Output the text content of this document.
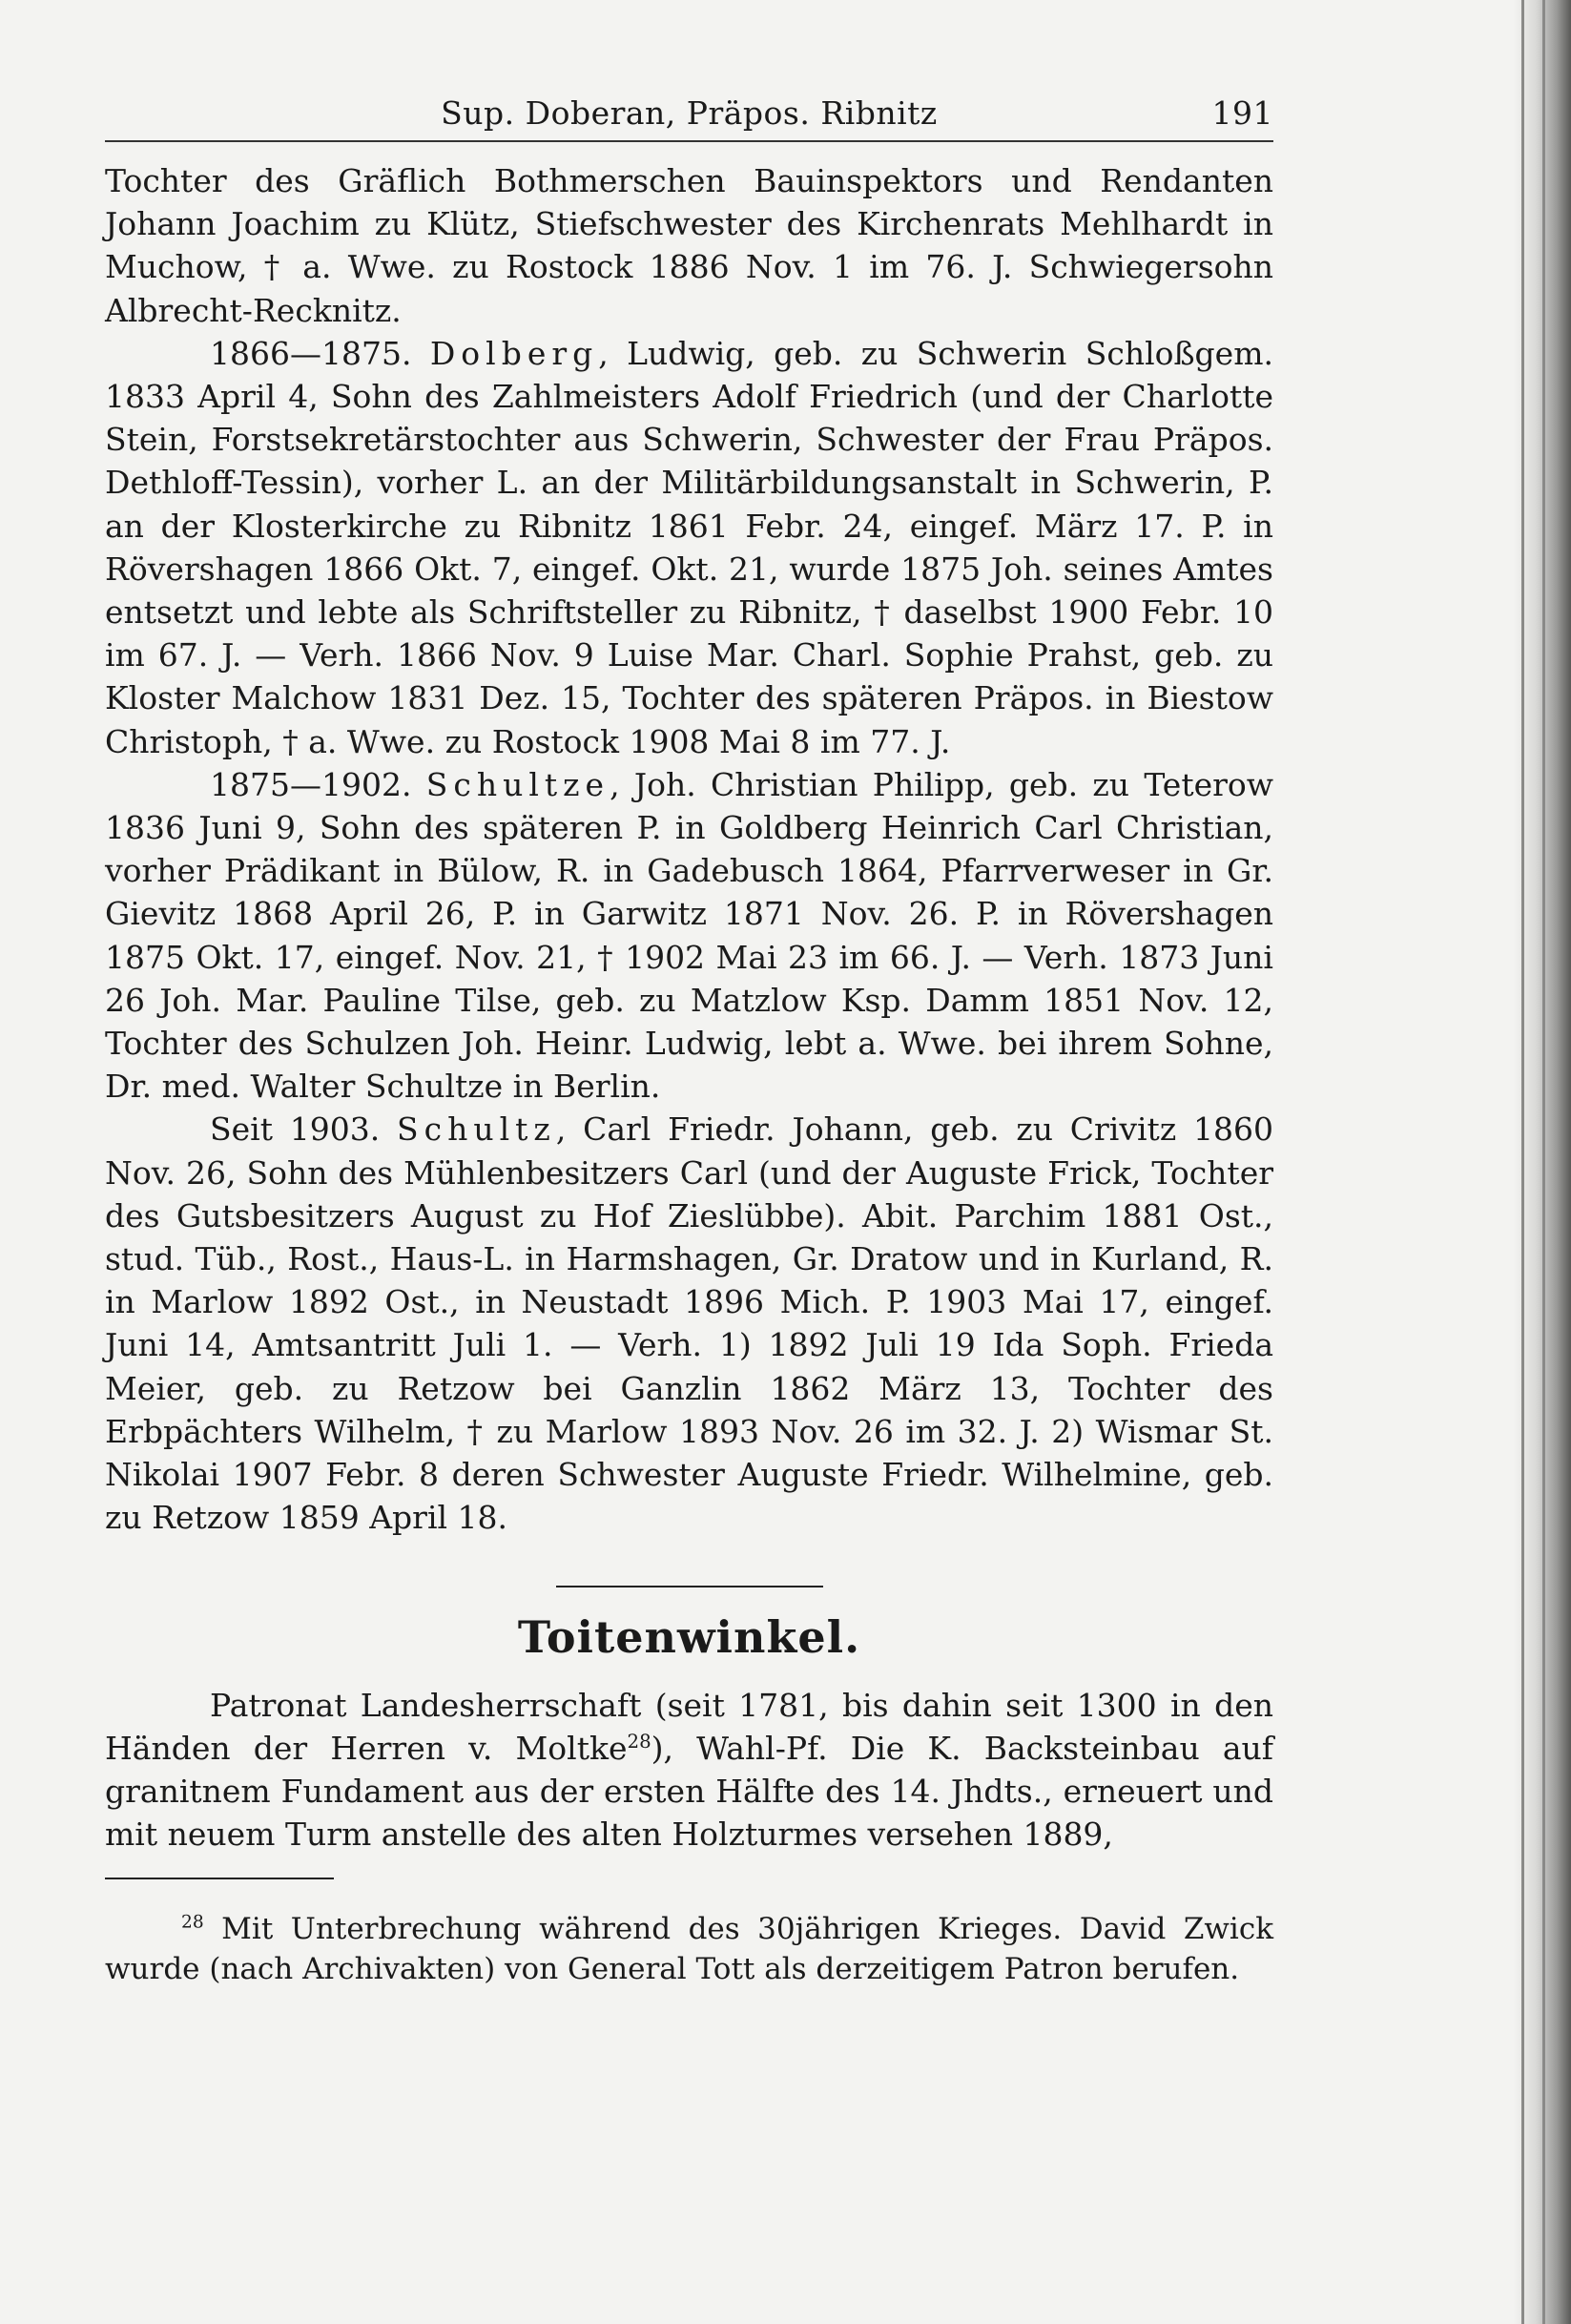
Sup. Doberan, Präpos. Ribnitz	191

Tochter des Gräflich Bothmerschen Bauinspektors und Rendanten Johann Joachim zu Klütz, Stiefschwester des Kirchenrats Mehlhardt in Muchow, † a. Wwe. zu Rostock 1886 Nov. 1 im 76. J. Schwiegersohn Albrecht-Recknitz.

1866—1875. Dolberg, Ludwig, geb. zu Schwerin Schloßgem. 1833 April 4, Sohn des Zahlmeisters Adolf Friedrich (und der Charlotte Stein, Forstsekretärstochter aus Schwerin, Schwester der Frau Präpos. Dethloff-Tessin), vorher L. an der Militärbildungsanstalt in Schwerin, P. an der Klosterkirche zu Ribnitz 1861 Febr. 24, eingef. März 17. P. in Rövershagen 1866 Okt. 7, eingef. Okt. 21, wurde 1875 Joh. seines Amtes entsetzt und lebte als Schriftsteller zu Ribnitz, † daselbst 1900 Febr. 10 im 67. J. — Verh. 1866 Nov. 9 Luise Mar. Charl. Sophie Prahst, geb. zu Kloster Malchow 1831 Dez. 15, Tochter des späteren Präpos. in Biestow Christoph, † a. Wwe. zu Rostock 1908 Mai 8 im 77. J.

1875—1902. Schultze, Joh. Christian Philipp, geb. zu Teterow 1836 Juni 9, Sohn des späteren P. in Goldberg Heinrich Carl Christian, vorher Prädikant in Bülow, R. in Gadebusch 1864, Pfarrverweser in Gr. Gievitz 1868 April 26, P. in Garwitz 1871 Nov. 26. P. in Rövershagen 1875 Okt. 17, eingef. Nov. 21, † 1902 Mai 23 im 66. J. — Verh. 1873 Juni 26 Joh. Mar. Pauline Tilse, geb. zu Matzlow Ksp. Damm 1851 Nov. 12, Tochter des Schulzen Joh. Heinr. Ludwig, lebt a. Wwe. bei ihrem Sohne, Dr. med. Walter Schultze in Berlin.

Seit 1903. Schultz, Carl Friedr. Johann, geb. zu Crivitz 1860 Nov. 26, Sohn des Mühlenbesitzers Carl (und der Auguste Frick, Tochter des Gutsbesitzers August zu Hof Zieslübbe). Abit. Parchim 1881 Ost., stud. Tüb., Rost., Haus-L. in Harmshagen, Gr. Dratow und in Kurland, R. in Marlow 1892 Ost., in Neustadt 1896 Mich. P. 1903 Mai 17, eingef. Juni 14, Amtsantritt Juli 1. — Verh. 1) 1892 Juli 19 Ida Soph. Frieda Meier, geb. zu Retzow bei Ganzlin 1862 März 13, Tochter des Erbpächters Wilhelm, † zu Marlow 1893 Nov. 26 im 32. J. 2) Wismar St. Nikolai 1907 Febr. 8 deren Schwester Auguste Friedr. Wilhelmine, geb. zu Retzow 1859 April 18.

Toitenwinkel.

Patronat Landesherrschaft (seit 1781, bis dahin seit 1300 in den Händen der Herren v. Moltke$^{28}$), Wahl-Pf. Die K. Backsteinbau auf granitnem Fundament aus der ersten Hälfte des 14. Jhdts., erneuert und mit neuem Turm anstelle des alten Holzturmes versehen 1889,

$^{28}$ Mit Unterbrechung während des 30jährigen Krieges. David Zwick wurde (nach Archivakten) von General Tott als derzeitigem Patron berufen.
